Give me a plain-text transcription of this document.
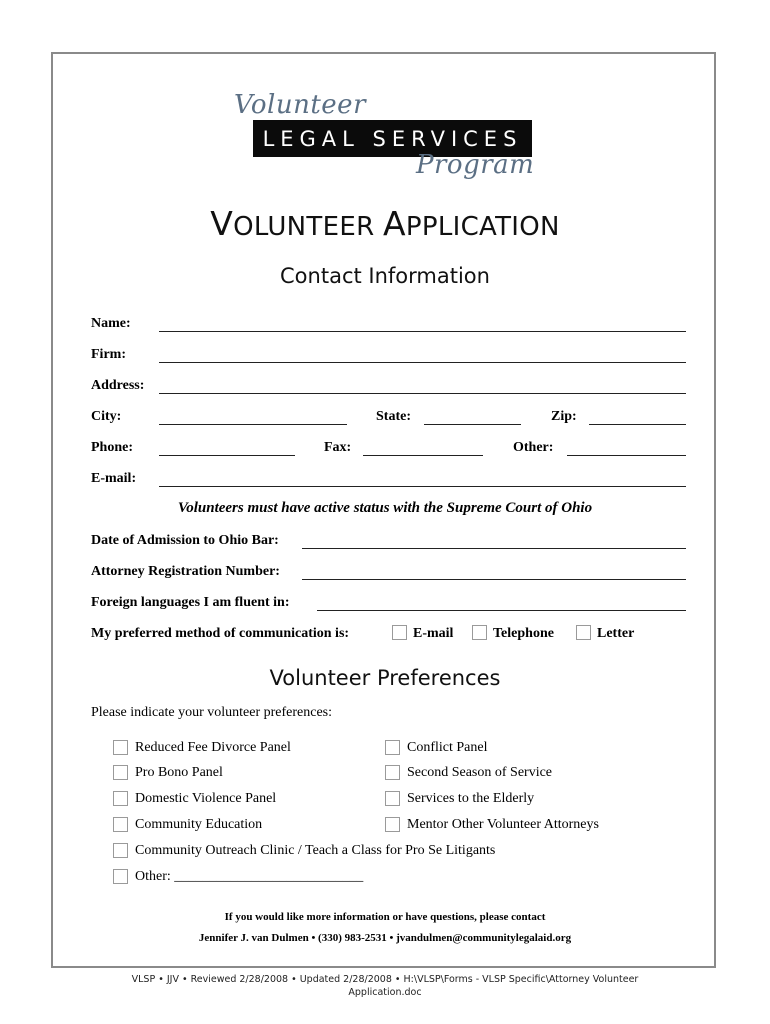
Volunteer
LEGAL SERVICES
Program
VOLUNTEER APPLICATION
Contact Information
Name:
Firm:
Address:
City:	State:	Zip:
Phone:	Fax:	Other:
E-mail:
Volunteers must have active status with the Supreme Court of Ohio
Date of Admission to Ohio Bar:
Attorney Registration Number:
Foreign languages I am fluent in:
My preferred method of communication is:	E-mail	Telephone	Letter
Volunteer Preferences
Please indicate your volunteer preferences:
Reduced Fee Divorce Panel
Pro Bono Panel
Domestic Violence Panel
Community Education
Conflict Panel
Second Season of Service
Services to the Elderly
Mentor Other Volunteer Attorneys
Community Outreach Clinic / Teach a Class for Pro Se Litigants
Other: ___________________________
If you would like more information or have questions, please contact
Jennifer J. van Dulmen • (330) 983-2531 • jvandulmen@communitylegalaid.org
VLSP • JJV • Reviewed 2/28/2008 • Updated 2/28/2008 • H:\VLSP\Forms - VLSP Specific\Attorney Volunteer
Application.doc
